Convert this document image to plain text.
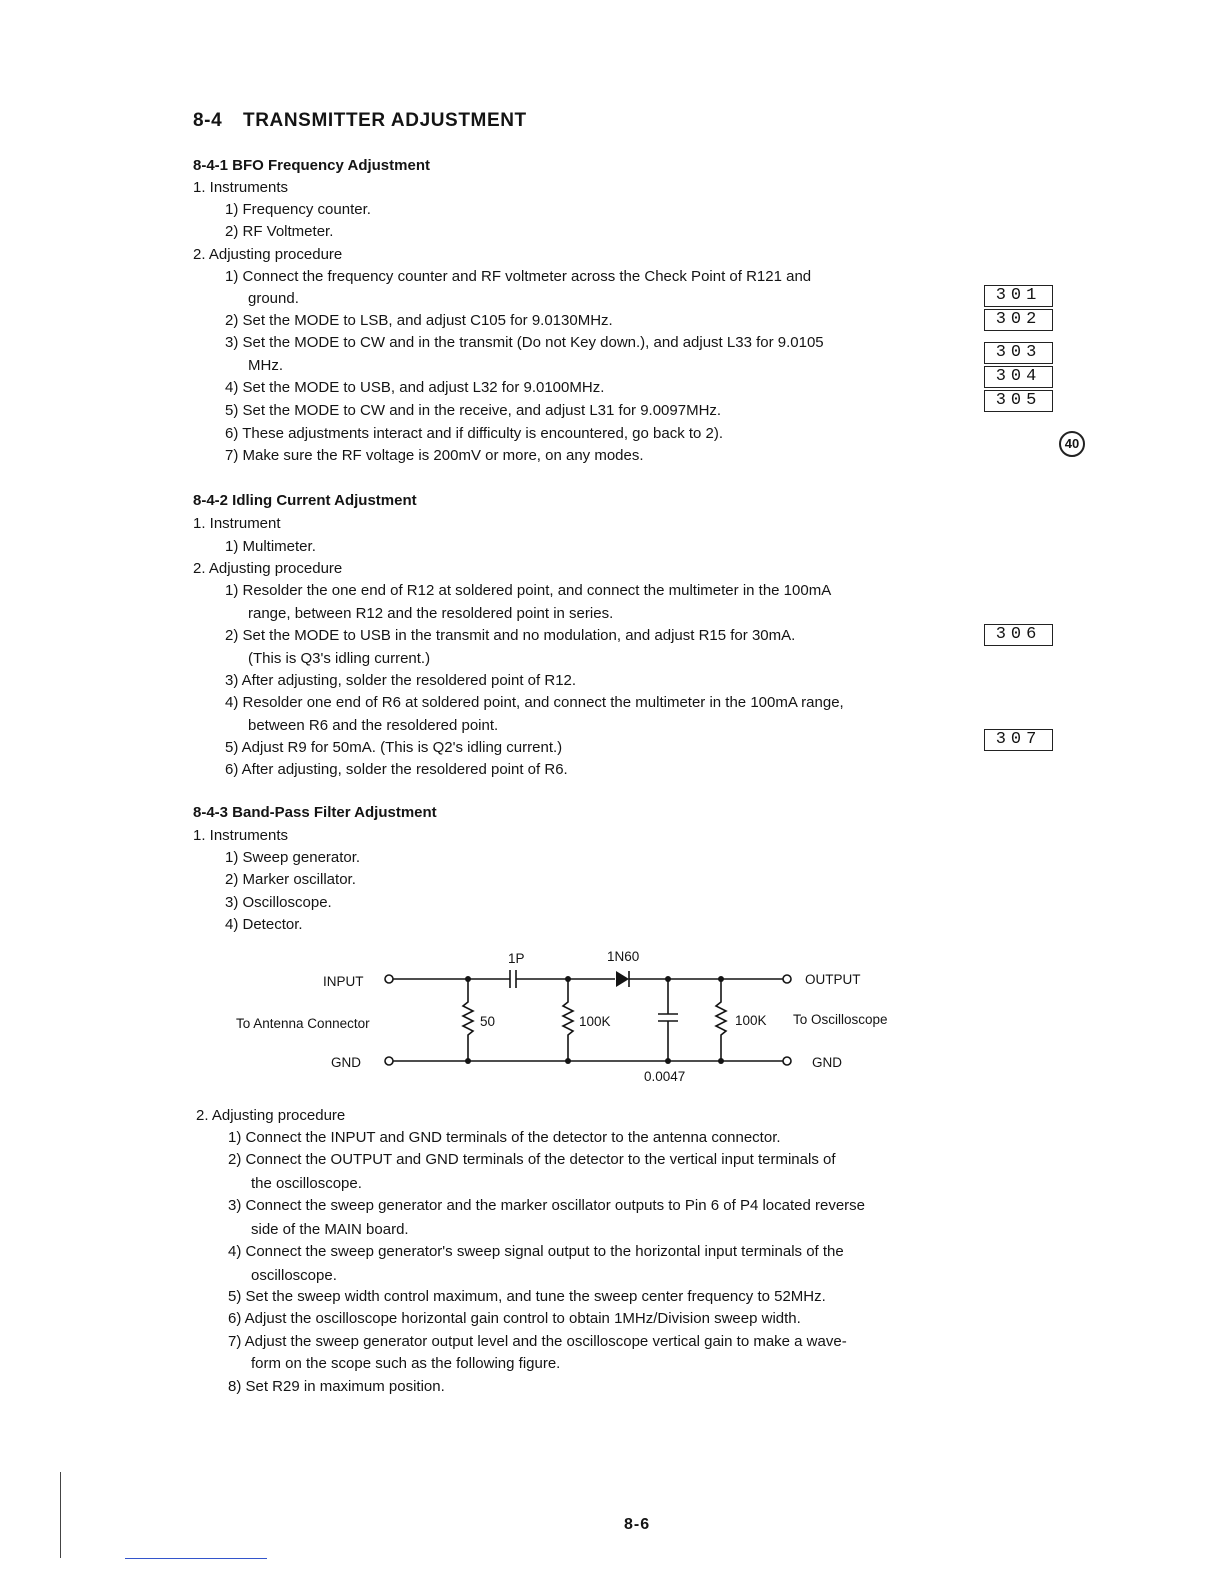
8-4 TRANSMITTER ADJUSTMENT
8-4-1 BFO Frequency Adjustment
1. Instruments
1) Frequency counter.
2) RF Voltmeter.
2. Adjusting procedure
1) Connect the frequency counter and RF voltmeter across the Check Point of R121 and
ground.
2) Set the MODE to LSB, and adjust C105 for 9.0130MHz.
3) Set the MODE to CW and in the transmit (Do not Key down.), and adjust L33 for 9.0105
MHz.
4) Set the MODE to USB, and adjust L32 for 9.0100MHz.
5) Set the MODE to CW and in the receive, and adjust L31 for 9.0097MHz.
6) These adjustments interact and if difficulty is encountered, go back to 2).
7) Make sure the RF voltage is 200mV or more, on any modes.
8-4-2 Idling Current Adjustment
1. Instrument
1) Multimeter.
2. Adjusting procedure
1) Resolder the one end of R12 at soldered point, and connect the multimeter in the 100mA
range, between R12 and the resoldered point in series.
2) Set the MODE to USB in the transmit and no modulation, and adjust R15 for 30mA.
(This is Q3's idling current.)
3) After adjusting, solder the resoldered point of R12.
4) Resolder one end of R6 at soldered point, and connect the multimeter in the 100mA range,
between R6 and the resoldered point.
5) Adjust R9 for 50mA. (This is Q2's idling current.)
6) After adjusting, solder the resoldered point of R6.
8-4-3 Band-Pass Filter Adjustment
1. Instruments
1) Sweep generator.
2) Marker oscillator.
3) Oscilloscope.
4) Detector.
INPUT
To Antenna Connector
GND
1P	1N60
50	100K
0.0047
100K
OUTPUT
To Oscilloscope
GND
2. Adjusting procedure
1) Connect the INPUT and GND terminals of the detector to the antenna connector.
2) Connect the OUTPUT and GND terminals of the detector to the vertical input terminals of
the oscilloscope.
3) Connect the sweep generator and the marker oscillator outputs to Pin 6 of P4 located reverse
side of the MAIN board.
4) Connect the sweep generator's sweep signal output to the horizontal input terminals of the
oscilloscope.
5) Set the sweep width control maximum, and tune the sweep center frequency to 52MHz.
6) Adjust the oscilloscope horizontal gain control to obtain 1MHz/Division sweep width.
7) Adjust the sweep generator output level and the oscilloscope vertical gain to make a wave-
form on the scope such as the following figure.
8) Set R29 in maximum position.
301
302
303
304
305
306
307
40
8-6
